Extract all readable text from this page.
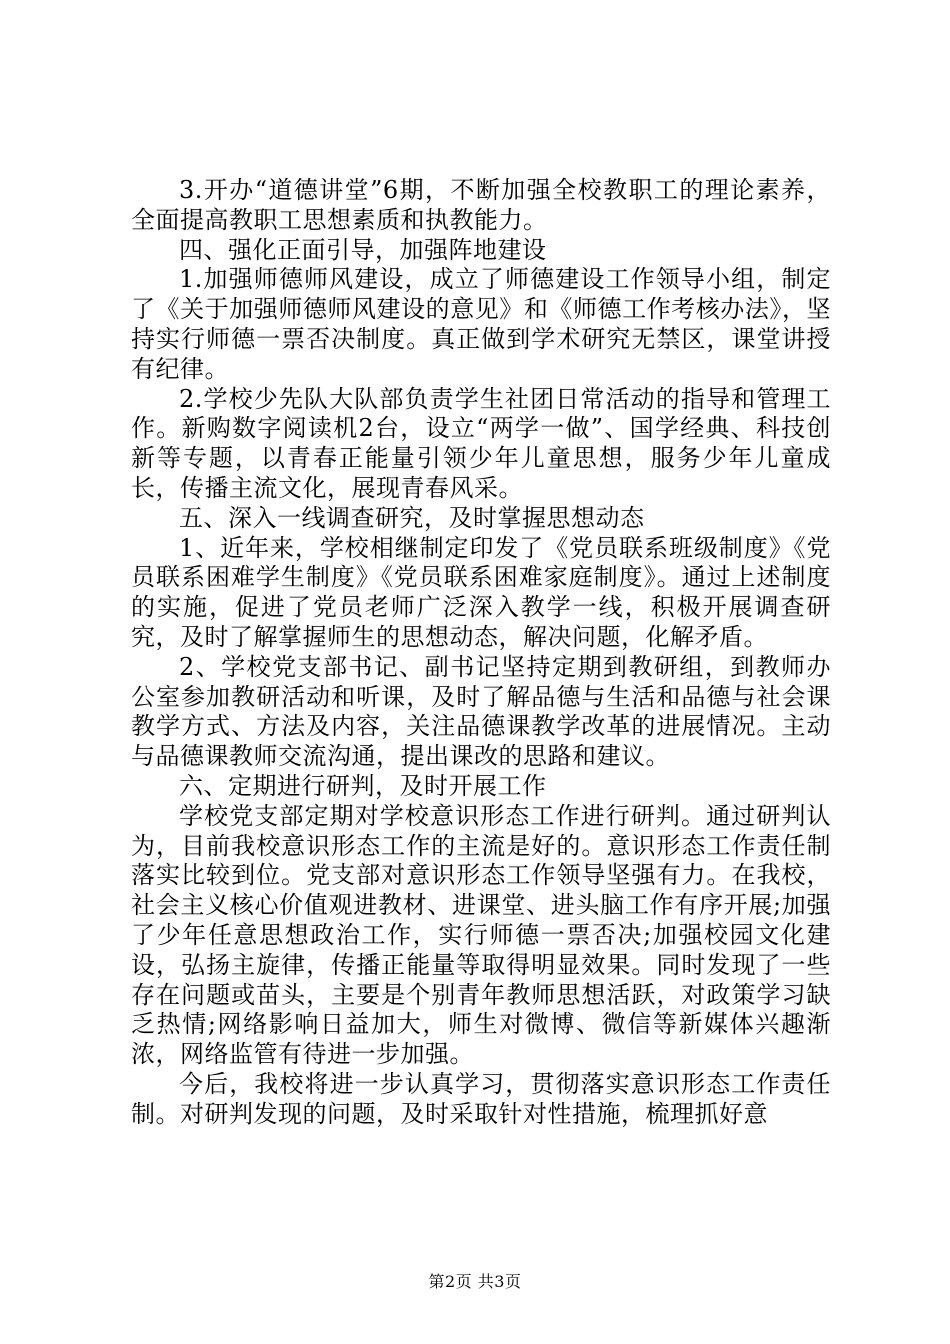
3.开办“道德讲堂”6期，不断加强全校教职工的理论素养，全面提高教职工思想素质和执教能力。

四、强化正面引导，加强阵地建设

1.加强师德师风建设，成立了师德建设工作领导小组，制定了《关于加强师德师风建设的意见》和《师德工作考核办法》，坚持实行师德一票否决制度。真正做到学术研究无禁区，课堂讲授有纪律。

2.学校少先队大队部负责学生社团日常活动的指导和管理工作。新购数字阅读机2台，设立“两学一做”、国学经典、科技创新等专题，以青春正能量引领少年儿童思想，服务少年儿童成长，传播主流文化，展现青春风采。

五、深入一线调查研究，及时掌握思想动态

1、近年来，学校相继制定印发了《党员联系班级制度》《党员联系困难学生制度》《党员联系困难家庭制度》。通过上述制度的实施，促进了党员老师广泛深入教学一线，积极开展调查研究，及时了解掌握师生的思想动态，解决问题，化解矛盾。

2、学校党支部书记、副书记坚持定期到教研组，到教师办公室参加教研活动和听课，及时了解品德与生活和品德与社会课教学方式、方法及内容，关注品德课教学改革的进展情况。主动与品德课教师交流沟通，提出课改的思路和建议。

六、定期进行研判，及时开展工作

学校党支部定期对学校意识形态工作进行研判。通过研判认为，目前我校意识形态工作的主流是好的。意识形态工作责任制落实比较到位。党支部对意识形态工作领导坚强有力。在我校，社会主义核心价值观进教材、进课堂、进头脑工作有序开展;加强了少年任意思想政治工作，实行师德一票否决;加强校园文化建设，弘扬主旋律，传播正能量等取得明显效果。同时发现了一些存在问题或苗头，主要是个别青年教师思想活跃，对政策学习缺乏热情;网络影响日益加大，师生对微博、微信等新媒体兴趣渐浓，网络监管有待进一步加强。

今后，我校将进一步认真学习，贯彻落实意识形态工作责任制。对研判发现的问题，及时采取针对性措施，梳理抓好意

第2页 共3页
